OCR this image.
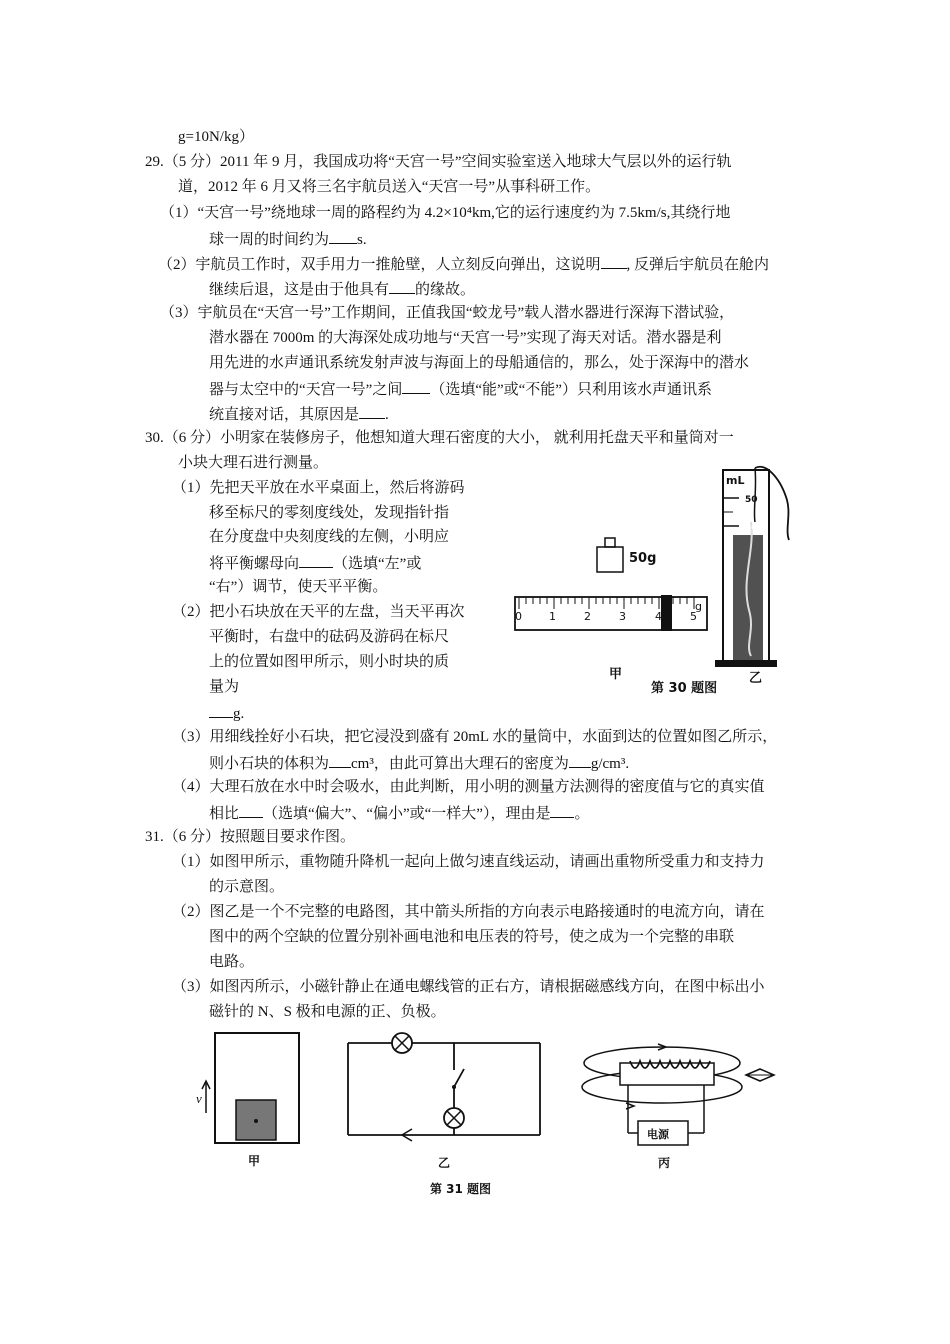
g=10N/kg）
29.（5 分）2011 年 9 月，我国成功将“天宫一号”空间实验室送入地球大气层以外的运行轨
道，2012 年 6 月又将三名宇航员送入“天宫一号”从事科研工作。
（1）“天宫一号”绕地球一周的路程约为 4.2×10⁴km,它的运行速度约为 7.5km/s,其绕行地
球一周的时间约为 s.
（2）宇航员工作时，双手用力一推舱壁，人立刻反向弹出，这说明 , 反弹后宇航员在舱内
继续后退，这是由于他具有 的缘故。
（3）宇航员在“天宫一号”工作期间，正值我国“蛟龙号”载人潜水器进行深海下潜试验，
潜水器在 7000m 的大海深处成功地与“天宫一号”实现了海天对话。潜水器是利
用先进的水声通讯系统发射声波与海面上的母船通信的，那么，处于深海中的潜水
器与太空中的“天宫一号”之间 （选填“能”或“不能”）只利用该水声通讯系
统直接对话，其原因是 .
30.（6 分）小明家在装修房子，他想知道大理石密度的大小， 就利用托盘天平和量筒对一
小块大理石进行测量。
（1）先把天平放在水平桌面上，然后将游码
移至标尺的零刻度线处，发现指针指
在分度盘中央刻度线的左侧，小明应
将平衡螺母向 （选填“左”或
“右”）调节，使天平平衡。
（2）把小石块放在天平的左盘，当天平再次
平衡时，右盘中的砝码及游码在标尺
上的位置如图甲所示，则小时块的质
量为
g.
（3）用细线拴好小石块，把它浸没到盛有 20mL 水的量筒中，水面到达的位置如图乙所示，
则小石块的体积为 cm³，由此可算出大理石的密度为 g/cm³.
（4）大理石放在水中时会吸水，由此判断，用小明的测量方法测得的密度值与它的真实值
相比 （选填“偏大”、“偏小”或“一样大”），理由是 。
31.（6 分）按照题目要求作图。
（1）如图甲所示，重物随升降机一起向上做匀速直线运动，请画出重物所受重力和支持力
的示意图。
（2）图乙是一个不完整的电路图，其中箭头所指的方向表示电路接通时的电流方向，请在
图中的两个空缺的位置分别补画电池和电压表的符号，使之成为一个完整的串联
电路。
（3）如图丙所示，小磁针静止在通电螺线管的正右方，请根据磁感线方向，在图中标出小
磁针的 N、S 极和电源的正、负极。
50g
0 1	2	3	4	5
g
mL
50
40
甲
第 30 题图
乙
v
甲	乙
电源
丙
第 31 题图
